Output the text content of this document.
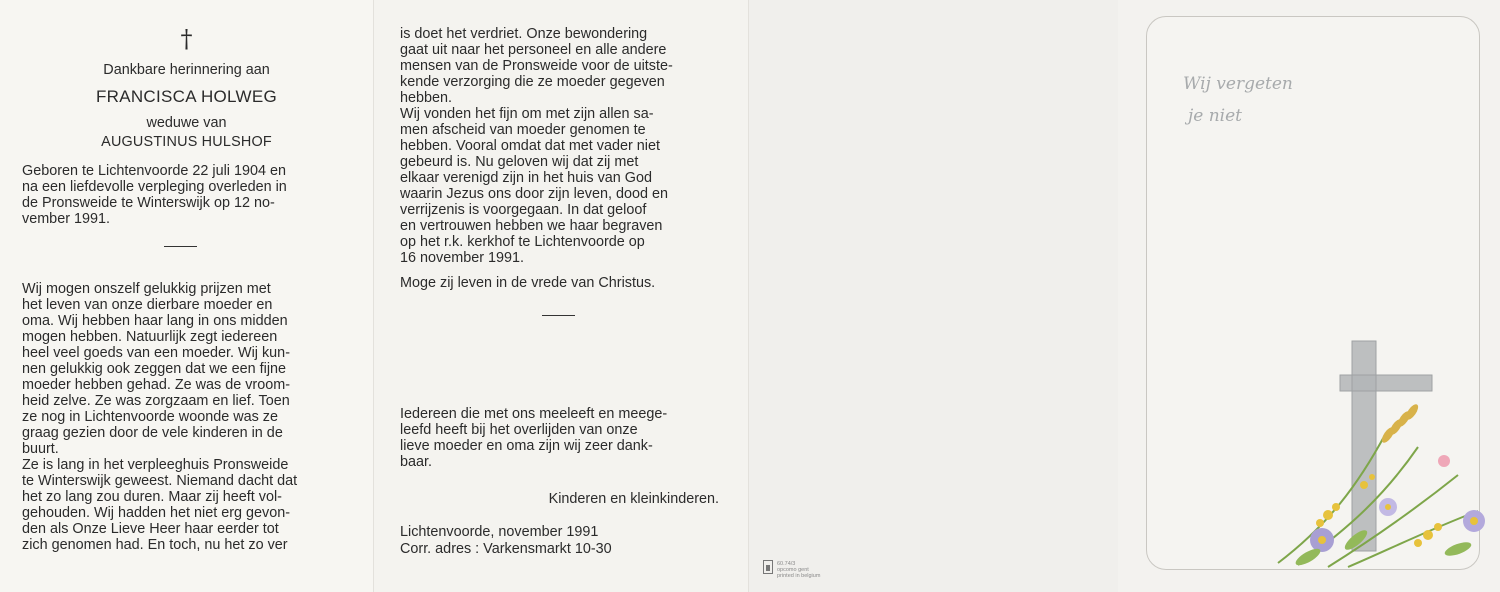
†

Dankbare herinnering aan

FRANCISCA HOLWEG

weduwe van

AUGUSTINUS HULSHOF

Geboren te Lichtenvoorde 22 juli 1904 en

na een liefdevolle verpleging overleden in

de Pronsweide te Winterswijk op 12 no-

vember 1991.

Wij mogen onszelf gelukkig prijzen met

het leven van onze dierbare moeder en

oma. Wij hebben haar lang in ons midden

mogen hebben. Natuurlijk zegt iedereen

heel veel goeds van een moeder. Wij kun-

nen gelukkig ook zeggen dat we een fijne

moeder hebben gehad. Ze was de vroom-

heid zelve. Ze was zorgzaam en lief. Toen

ze nog in Lichtenvoorde woonde was ze

graag gezien door de vele kinderen in de

buurt.

Ze is lang in het verpleeghuis Pronsweide

te Winterswijk geweest. Niemand dacht dat

het zo lang zou duren. Maar zij heeft vol-

gehouden. Wij hadden het niet erg gevon-

den als Onze Lieve Heer haar eerder tot

zich genomen had. En toch, nu het zo ver

is doet het verdriet. Onze bewondering

gaat uit naar het personeel en alle andere

mensen van de Pronsweide voor de uitste-

kende verzorging die ze moeder gegeven

hebben.

Wij vonden het fijn om met zijn allen sa-

men afscheid van moeder genomen te

hebben. Vooral omdat dat met vader niet

gebeurd is. Nu geloven wij dat zij met

elkaar verenigd zijn in het huis van God

waarin Jezus ons door zijn leven, dood en

verrijzenis is voorgegaan. In dat geloof

en vertrouwen hebben we haar begraven

op het r.k. kerkhof te Lichtenvoorde op

16 november 1991.

Moge zij leven in de vrede van Christus.

Iedereen die met ons meeleeft en meege-

leefd heeft bij het overlijden van onze

lieve moeder en oma zijn wij zeer dank-

baar.

Kinderen en kleinkinderen.

Lichtenvoorde, november 1991

Corr. adres : Varkensmarkt 10-30

60.74/3
opcomo gent
printed in belgium

Wij vergeten

je niet
